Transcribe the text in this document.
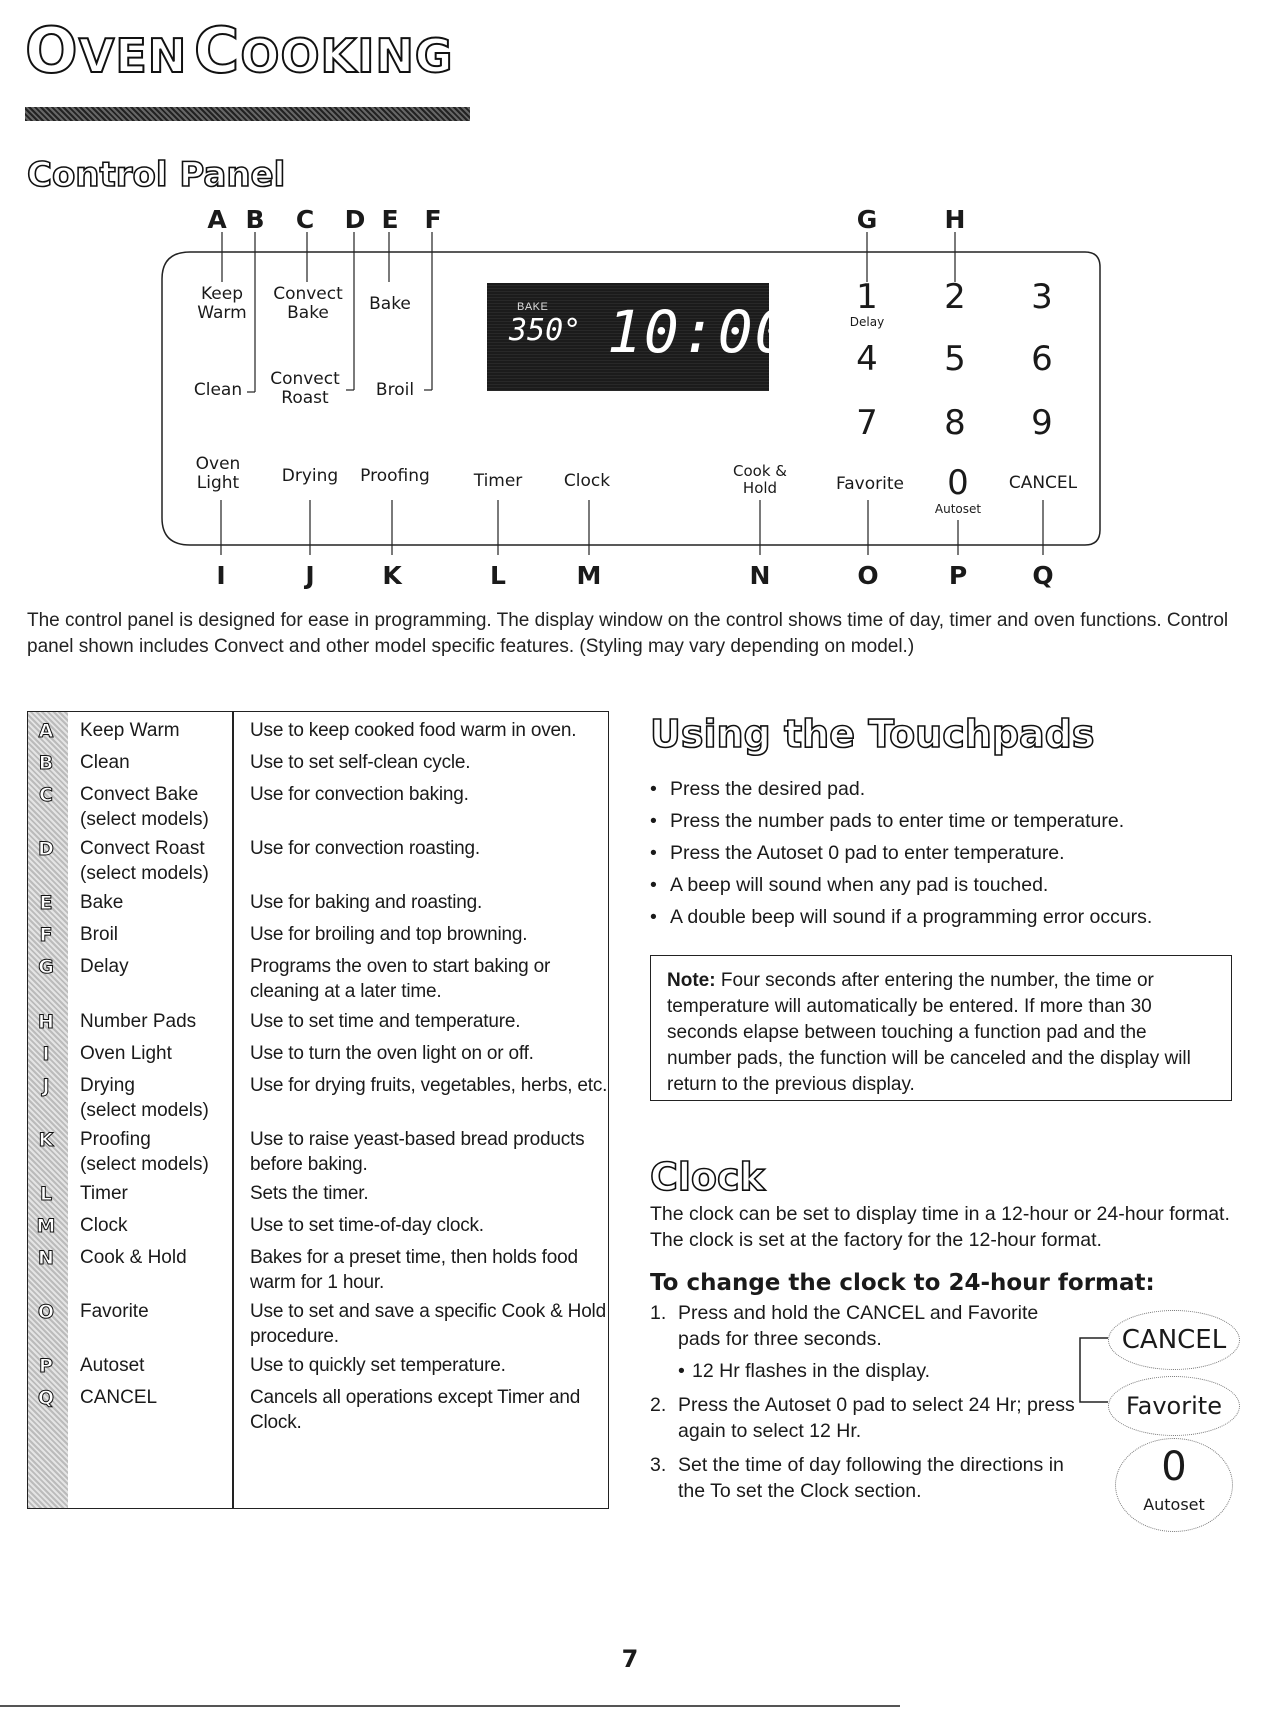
OVEN COOKING
Control Panel
A B C D E F	G	H
Keep
Warm
Convect
Bake	Bake
Clean
Convect
Roast	Broil
Oven
Light	Drying	Proofing	Timer	Clock	Cook &
Hold	Favorite	0
Autoset
CANCEL
BAKE
350° 10:00
1 2 3
Delay
4 5 6
7 8 9
I	J	K	L	M	N	O	P	Q

The control panel is designed for ease in programming. The display window on the control shows time of day, timer and oven functions. Control panel shown includes Convect and other model specific features. (Styling may vary depending on model.)

A Keep Warm	Use to keep cooked food warm in oven.
B Clean	Use to set self-clean cycle.
C Convect Bake
(select models)
Use for convection baking.
D Convect Roast
(select models)
Use for convection roasting.
E Bake	Use for baking and roasting.
F Broil	Use for broiling and top browning.
G Delay	Programs the oven to start baking or cleaning at a later time.
H Number Pads	Use to set time and temperature.
I	Oven Light	Use to turn the oven light on or off.
J	Drying
(select models)
Use for drying fruits, vegetables, herbs, etc.
K Proofing
(select models)
Use to raise yeast-based bread products before baking.
L	Timer	Sets the timer.
M Clock	Use to set time-of-day clock.
N Cook & Hold	Bakes for a preset time, then holds food warm for 1 hour.
O Favorite	Use to set and save a specific Cook & Hold procedure.
P Autoset	Use to quickly set temperature.
Q CANCEL	Cancels all operations except Timer and Clock.
Using the Touchpads
• Press the desired pad.
• Press the number pads to enter time or temperature.
• Press the Autoset 0 pad to enter temperature.
• A beep will sound when any pad is touched.
• A double beep will sound if a programming error occurs.
Note: Four seconds after entering the number, the time or temperature will automatically be entered. If more than 30 seconds elapse between touching a function pad and the number pads, the function will be canceled and the display will return to the previous display.
Clock

The clock can be set to display time in a 12-hour or 24-hour format. The clock is set at the factory for the 12-hour format.

To change the clock to 24-hour format:
1. Press and hold the CANCEL and Favorite pads for three seconds.
• 12 Hr flashes in the display.
2. Press the Autoset 0 pad to select 24 Hr; press again to select 12 Hr.
3. Set the time of day following the directions in the To set the Clock section.
CANCEL
Favorite
0
Autoset
7
